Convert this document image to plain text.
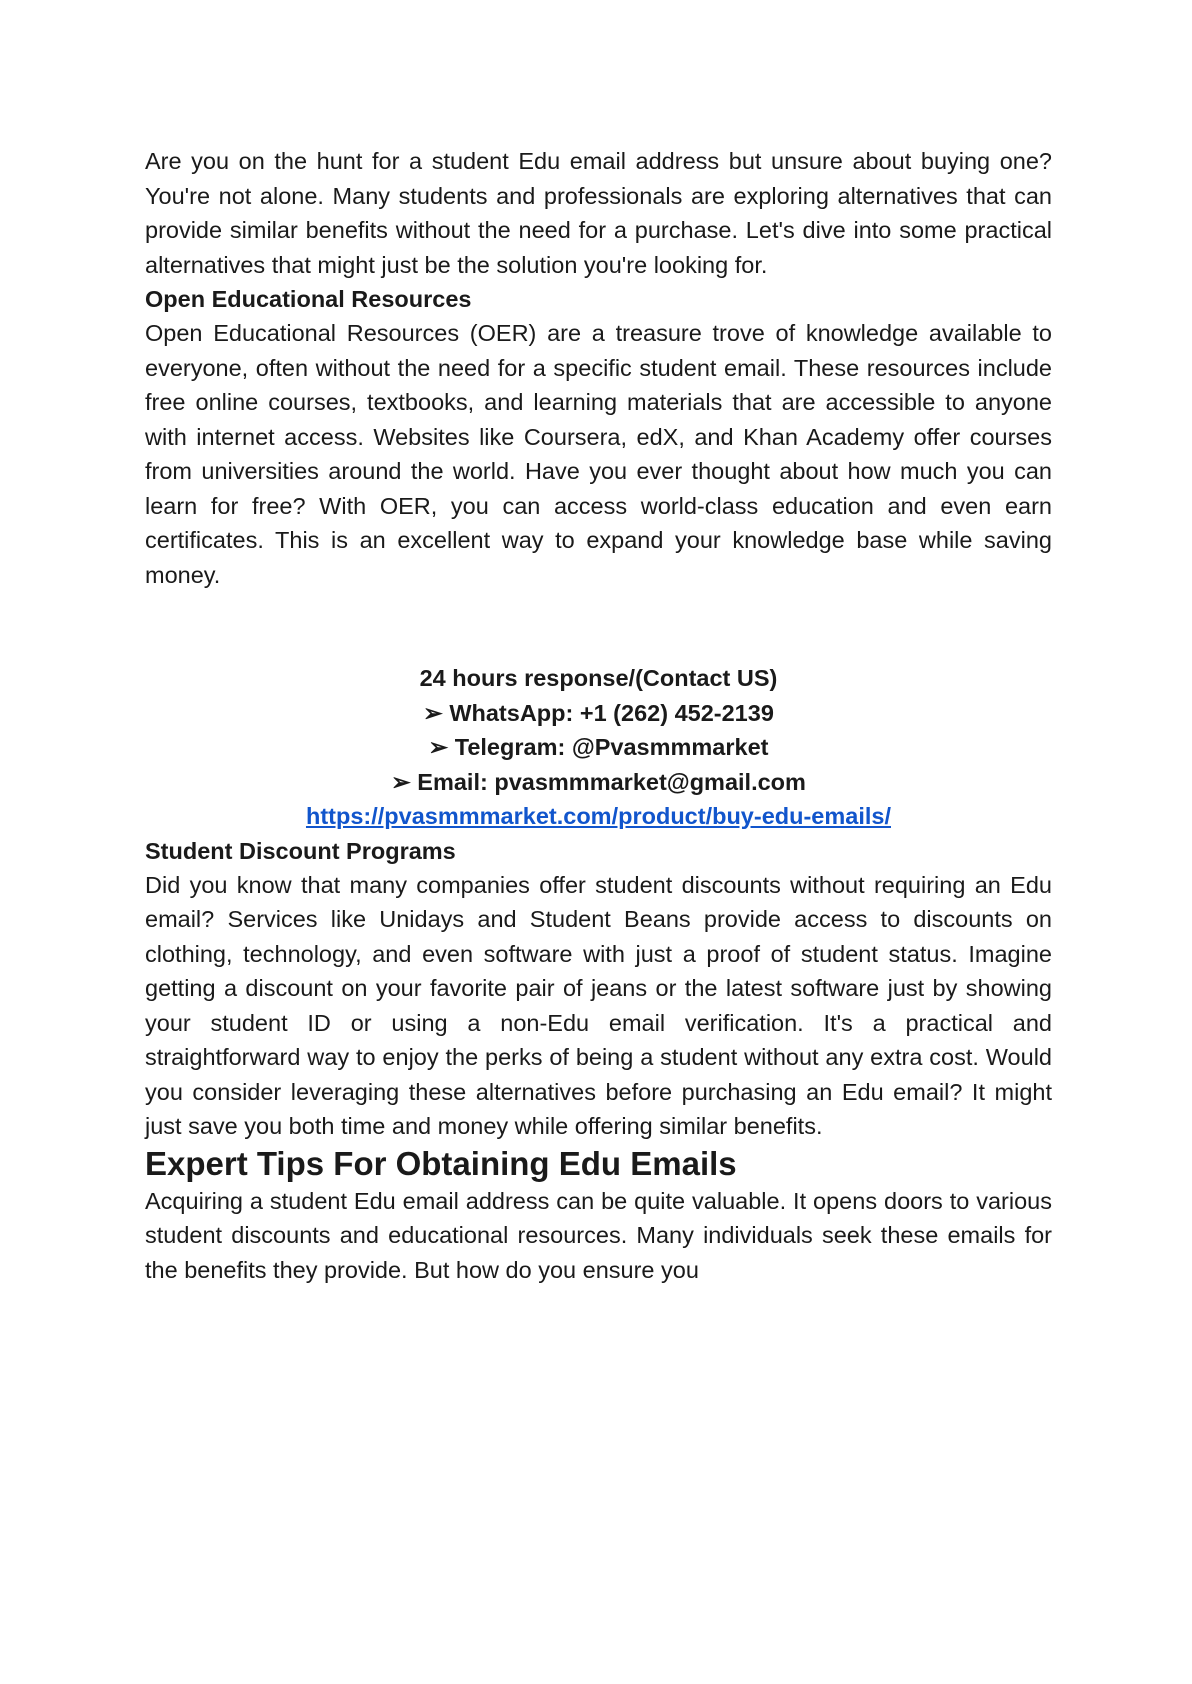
Are you on the hunt for a student Edu email address but unsure about buying one? You're not alone. Many students and professionals are exploring alternatives that can provide similar benefits without the need for a purchase. Let's dive into some practical alternatives that might just be the solution you're looking for.

Open Educational Resources

Open Educational Resources (OER) are a treasure trove of knowledge available to everyone, often without the need for a specific student email. These resources include free online courses, textbooks, and learning materials that are accessible to anyone with internet access. Websites like Coursera, edX, and Khan Academy offer courses from universities around the world. Have you ever thought about how much you can learn for free? With OER, you can access world-class education and even earn certificates. This is an excellent way to expand your knowledge base while saving money.

24 hours response/(Contact US)
➢ WhatsApp: +1 (262) 452-2139
➢ Telegram: @Pvasmmmarket
➢ Email: pvasmmmarket@gmail.com
https://pvasmmmarket.com/product/buy-edu-emails/
Student Discount Programs

Did you know that many companies offer student discounts without requiring an Edu email? Services like Unidays and Student Beans provide access to discounts on clothing, technology, and even software with just a proof of student status. Imagine getting a discount on your favorite pair of jeans or the latest software just by showing your student ID or using a non-Edu email verification. It's a practical and straightforward way to enjoy the perks of being a student without any extra cost. Would you consider leveraging these alternatives before purchasing an Edu email? It might just save you both time and money while offering similar benefits.

Expert Tips For Obtaining Edu Emails

Acquiring a student Edu email address can be quite valuable. It opens doors to various student discounts and educational resources. Many individuals seek these emails for the benefits they provide. But how do you ensure you
